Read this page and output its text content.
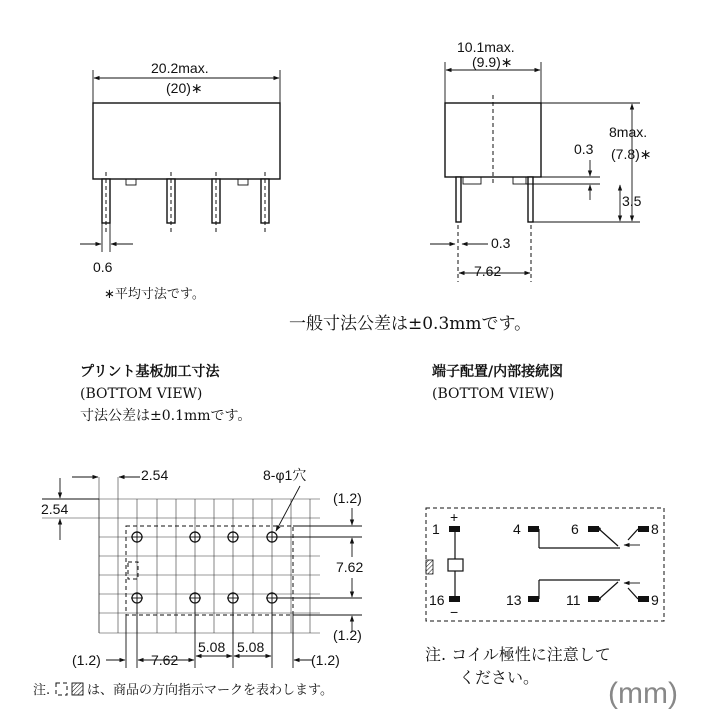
20.2max.
(20)∗
0.6
∗平均寸法です。
10.1max.
(9.9)∗
8max.
(7.8)∗
0.3
3.5
0.3
7.62
一般寸法公差は±0.3mmです。
プリント基板加工寸法
(BOTTOM VIEW)
寸法公差は±0.1mmです。
2.54
2.54
8-φ1穴
(1.2)
7.62
(1.2)
(1.2)	7.62
5.08 5.08
(1.2)
注.	は、商品の方向指示マークを表わします。
端子配置/内部接続図
(BOTTOM VIEW)
+
−
1	4	6	8
16	13	11	9
注. コイル極性に注意して
ください。 (mm)
